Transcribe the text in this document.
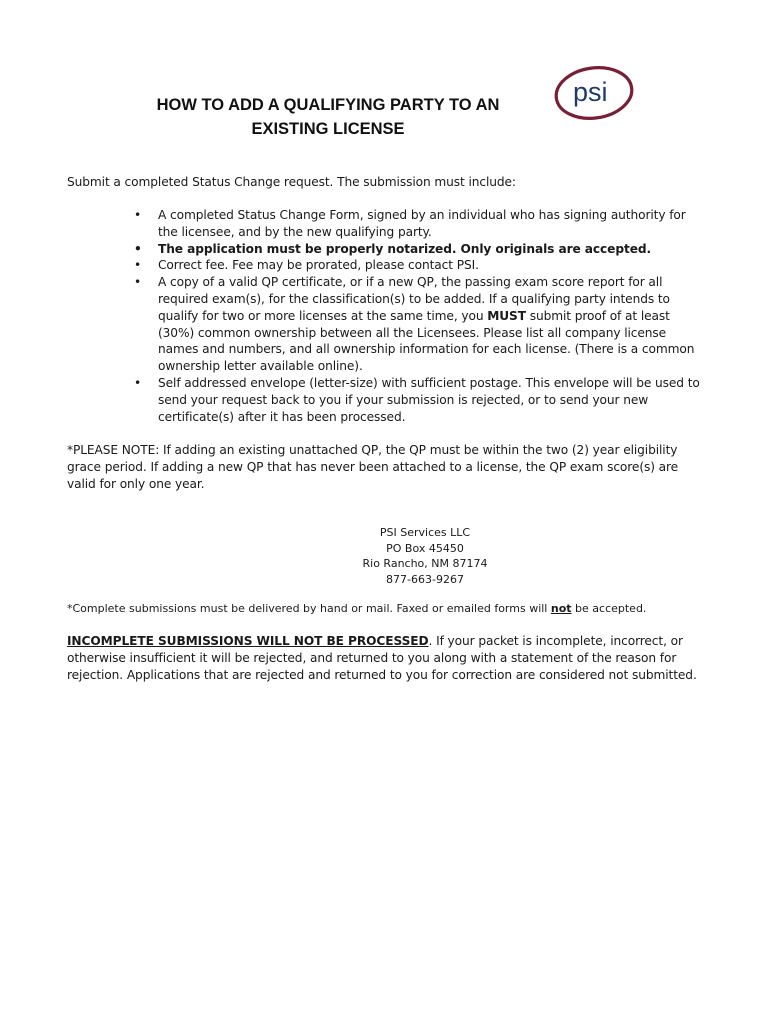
HOW TO ADD A QUALIFYING PARTY TO AN
EXISTING LICENSE
psi
Submit a completed Status Change request. The submission must include:
• A completed Status Change Form, signed by an individual who has signing authority for the licensee, and by the new qualifying party.
• The application must be properly notarized. Only originals are accepted.
• Correct fee. Fee may be prorated, please contact PSI.
• A copy of a valid QP certificate, or if a new QP, the passing exam score report for all required exam(s), for the classification(s) to be added. If a qualifying party intends to qualify for two or more licenses at the same time, you MUST submit proof of at least (30%) common ownership between all the Licensees. Please list all company license names and numbers, and all ownership information for each license. (There is a common ownership letter available online).
• Self addressed envelope (letter-size) with sufficient postage. This envelope will be used to send your request back to you if your submission is rejected, or to send your new certificate(s) after it has been processed.
*PLEASE NOTE: If adding an existing unattached QP, the QP must be within the two (2) year eligibility grace period. If adding a new QP that has never been attached to a license, the QP exam score(s) are valid for only one year.
PSI Services LLC
PO Box 45450
Rio Rancho, NM 87174
877-663-9267
*Complete submissions must be delivered by hand or mail. Faxed or emailed forms will not be accepted.
INCOMPLETE SUBMISSIONS WILL NOT BE PROCESSED. If your packet is incomplete, incorrect, or otherwise insufficient it will be rejected, and returned to you along with a statement of the reason for rejection. Applications that are rejected and returned to you for correction are considered not submitted.
